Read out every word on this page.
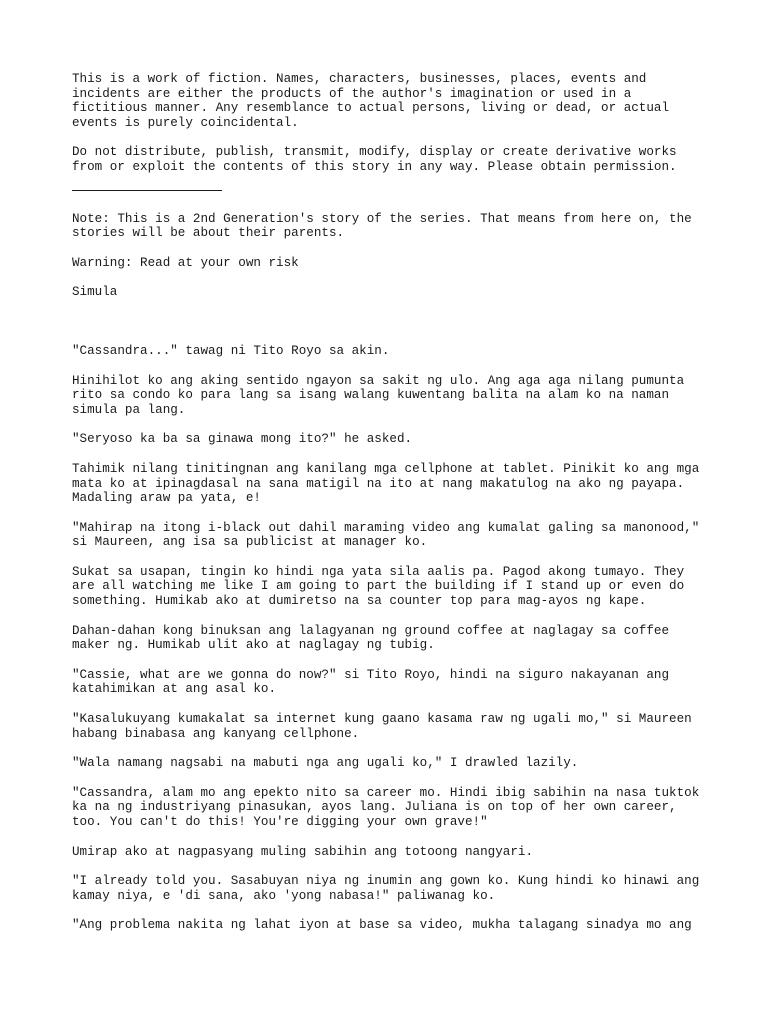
This is a work of fiction. Names, characters, businesses, places, events and incidents are either the products of the author's imagination or used in a fictitious manner. Any resemblance to actual persons, living or dead, or actual events is purely coincidental.

Do not distribute, publish, transmit, modify, display or create derivative works from or exploit the contents of this story in any way. Please obtain permission.

Note: This is a 2nd Generation's story of the series. That means from here on, the stories will be about their parents.

Warning: Read at your own risk

Simula

"Cassandra..." tawag ni Tito Royo sa akin.

Hinihilot ko ang aking sentido ngayon sa sakit ng ulo. Ang aga aga nilang pumunta rito sa condo ko para lang sa isang walang kuwentang balita na alam ko na naman simula pa lang.

"Seryoso ka ba sa ginawa mong ito?" he asked.

Tahimik nilang tinitingnan ang kanilang mga cellphone at tablet. Pinikit ko ang mga mata ko at ipinagdasal na sana matigil na ito at nang makatulog na ako ng payapa. Madaling araw pa yata, e!

"Mahirap na itong i-black out dahil maraming video ang kumalat galing sa manonood," si Maureen, ang isa sa publicist at manager ko.

Sukat sa usapan, tingin ko hindi nga yata sila aalis pa. Pagod akong tumayo. They are all watching me like I am going to part the building if I stand up or even do something. Humikab ako at dumiretso na sa counter top para mag-ayos ng kape.

Dahan-dahan kong binuksan ang lalagyanan ng ground coffee at naglagay sa coffee maker ng. Humikab ulit ako at naglagay ng tubig.

"Cassie, what are we gonna do now?" si Tito Royo, hindi na siguro nakayanan ang katahimikan at ang asal ko.

"Kasalukuyang kumakalat sa internet kung gaano kasama raw ng ugali mo," si Maureen habang binabasa ang kanyang cellphone.

"Wala namang nagsabi na mabuti nga ang ugali ko," I drawled lazily.

"Cassandra, alam mo ang epekto nito sa career mo. Hindi ibig sabihin na nasa tuktok ka na ng industriyang pinasukan, ayos lang. Juliana is on top of her own career, too. You can't do this! You're digging your own grave!"

Umirap ako at nagpasyang muling sabihin ang totoong nangyari.

"I already told you. Sasabuyan niya ng inumin ang gown ko. Kung hindi ko hinawi ang kamay niya, e 'di sana, ako 'yong nabasa!" paliwanag ko.

"Ang problema nakita ng lahat iyon at base sa video, mukha talagang sinadya mo ang
